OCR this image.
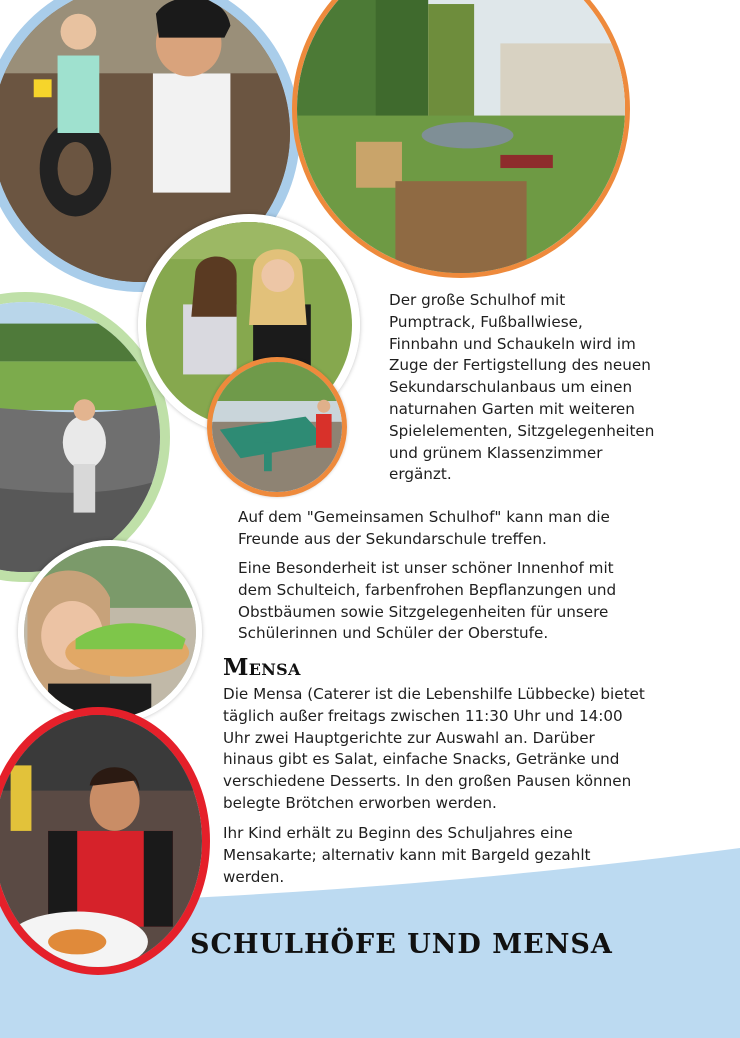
Der große Schulhof mit Pumptrack, Fußballwiese, Finnbahn und Schaukeln wird im Zuge der Fertigstellung des neuen Sekundarschulanbaus um einen naturnahen Garten mit weiteren Spielelementen, Sitzgelegenheiten und grünem Klassenzimmer ergänzt.

Auf dem "Gemeinsamen Schulhof" kann man die Freunde aus der Sekundarschule treffen.

Eine Besonderheit ist unser schöner Innenhof mit dem Schulteich, farbenfrohen Bepflanzungen und Obstbäumen sowie Sitzgelegenheiten für unsere Schülerinnen und Schüler der Oberstufe.

Mensa

Die Mensa (Caterer ist die Lebenshilfe Lübbecke) bietet täglich außer freitags zwischen 11:30 Uhr und 14:00 Uhr zwei Hauptgerichte zur Auswahl an. Darüber hinaus gibt es Salat, einfache Snacks, Getränke und verschiedene Desserts. In den großen Pausen können belegte Brötchen erworben werden.

Ihr Kind erhält zu Beginn des Schuljahres eine Mensakarte; alternativ kann mit Bargeld gezahlt werden.

SCHULHÖFE UND MENSA
